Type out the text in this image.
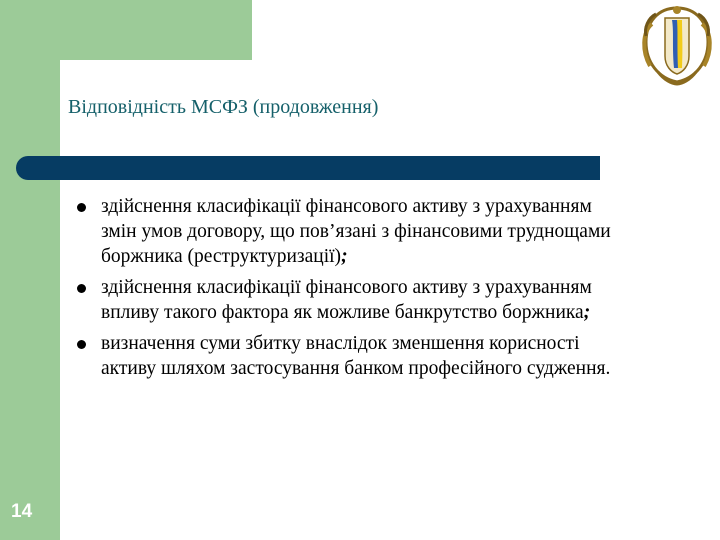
Відповідність МСФЗ (продовження)
здійснення класифікації фінансового активу з урахуванням змін умов договору, що пов’язані з фінансовими труднощами боржника (реструктуризації);
здійснення класифікації фінансового активу з урахуванням впливу такого фактора як можливе банкрутство боржника;
визначення суми збитку внаслідок зменшення корисності активу шляхом застосування банком професійного судження.
14
